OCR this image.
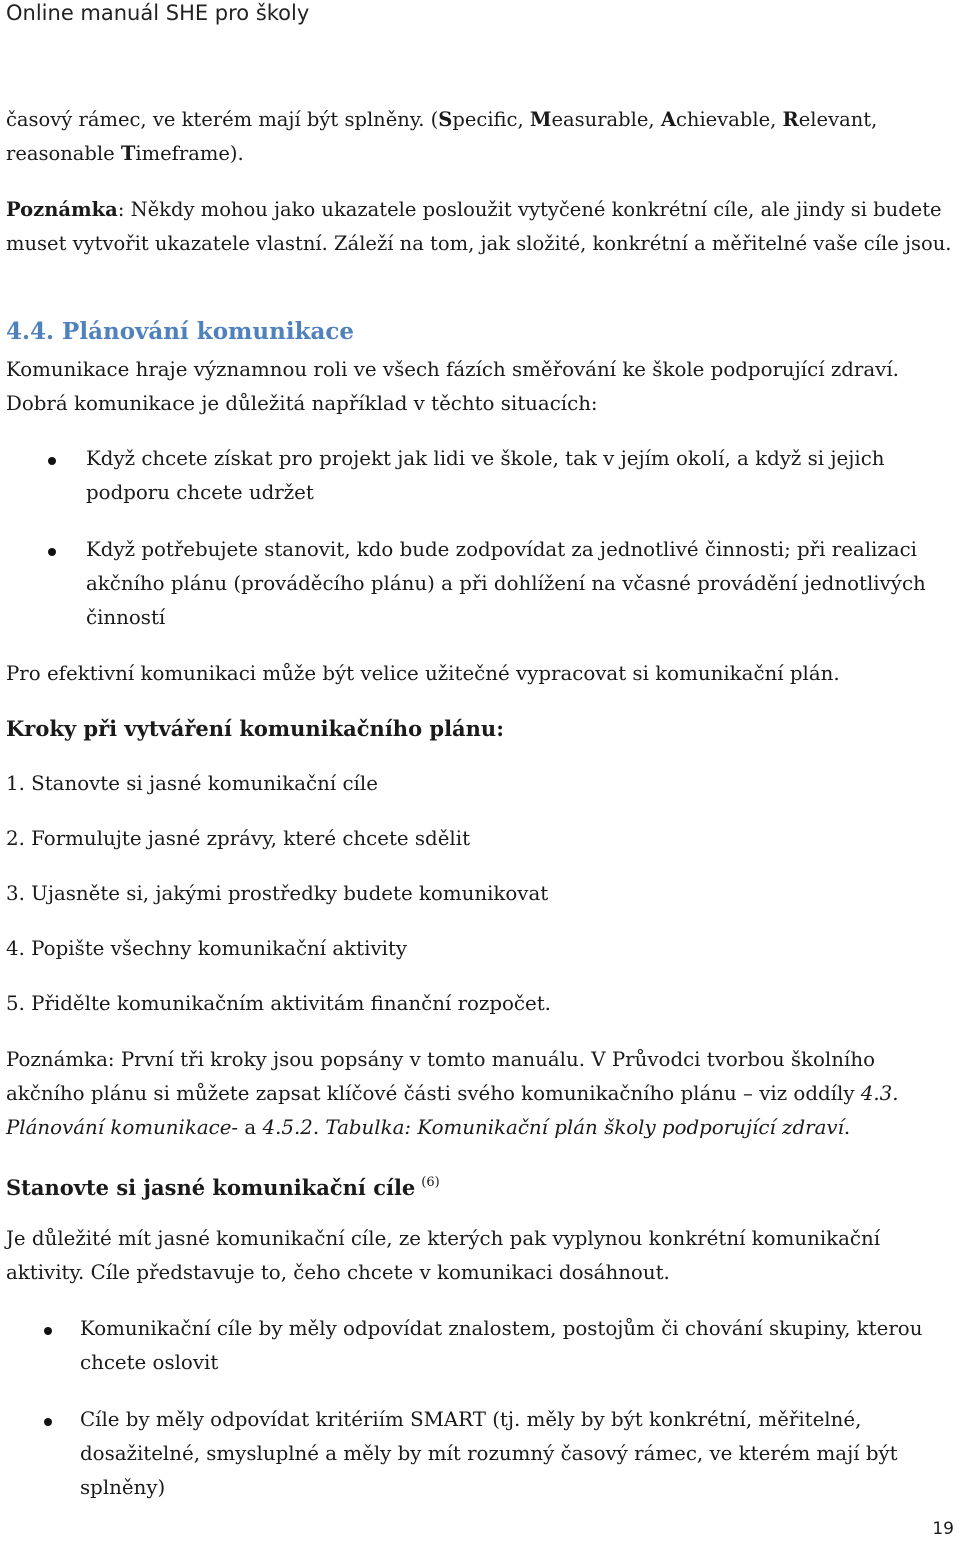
Online manuál SHE pro školy

časový rámec, ve kterém mají být splněny. (Specific, Measurable, Achievable, Relevant, reasonable Timeframe).

Poznámka: Někdy mohou jako ukazatele posloužit vytyčené konkrétní cíle, ale jindy si budete muset vytvořit ukazatele vlastní. Záleží na tom, jak složité, konkrétní a měřitelné vaše cíle jsou.

4.4. Plánování komunikace

Komunikace hraje významnou roli ve všech fázích směřování ke škole podporující zdraví. Dobrá komunikace je důležitá například v těchto situacích:

Když chcete získat pro projekt jak lidi ve škole, tak v jejím okolí, a když si jejich podporu chcete udržet
Když potřebujete stanovit, kdo bude zodpovídat za jednotlivé činnosti; při realizaci akčního plánu (prováděcího plánu) a při dohlížení na včasné provádění jednotlivých činností

Pro efektivní komunikaci může být velice užitečné vypracovat si komunikační plán.

Kroky při vytváření komunikačního plánu:

1. Stanovte si jasné komunikační cíle

2. Formulujte jasné zprávy, které chcete sdělit

3. Ujasněte si, jakými prostředky budete komunikovat

4. Popište všechny komunikační aktivity

5. Přidělte komunikačním aktivitám finanční rozpočet.

Poznámka: První tři kroky jsou popsány v tomto manuálu. V Průvodci tvorbou školního akčního plánu si můžete zapsat klíčové části svého komunikačního plánu – viz oddíly 4.3. Plánování komunikace- a 4.5.2. Tabulka: Komunikační plán školy podporující zdraví.

Stanovte si jasné komunikační cíle $^{(6)}$

Je důležité mít jasné komunikační cíle, ze kterých pak vyplynou konkrétní komunikační aktivity. Cíle představuje to, čeho chcete v komunikaci dosáhnout.

Komunikační cíle by měly odpovídat znalostem, postojům či chování skupiny, kterou chcete oslovit
Cíle by měly odpovídat kritériím SMART (tj. měly by být konkrétní, měřitelné, dosažitelné, smysluplné a měly by mít rozumný časový rámec, ve kterém mají být splněny)
19
